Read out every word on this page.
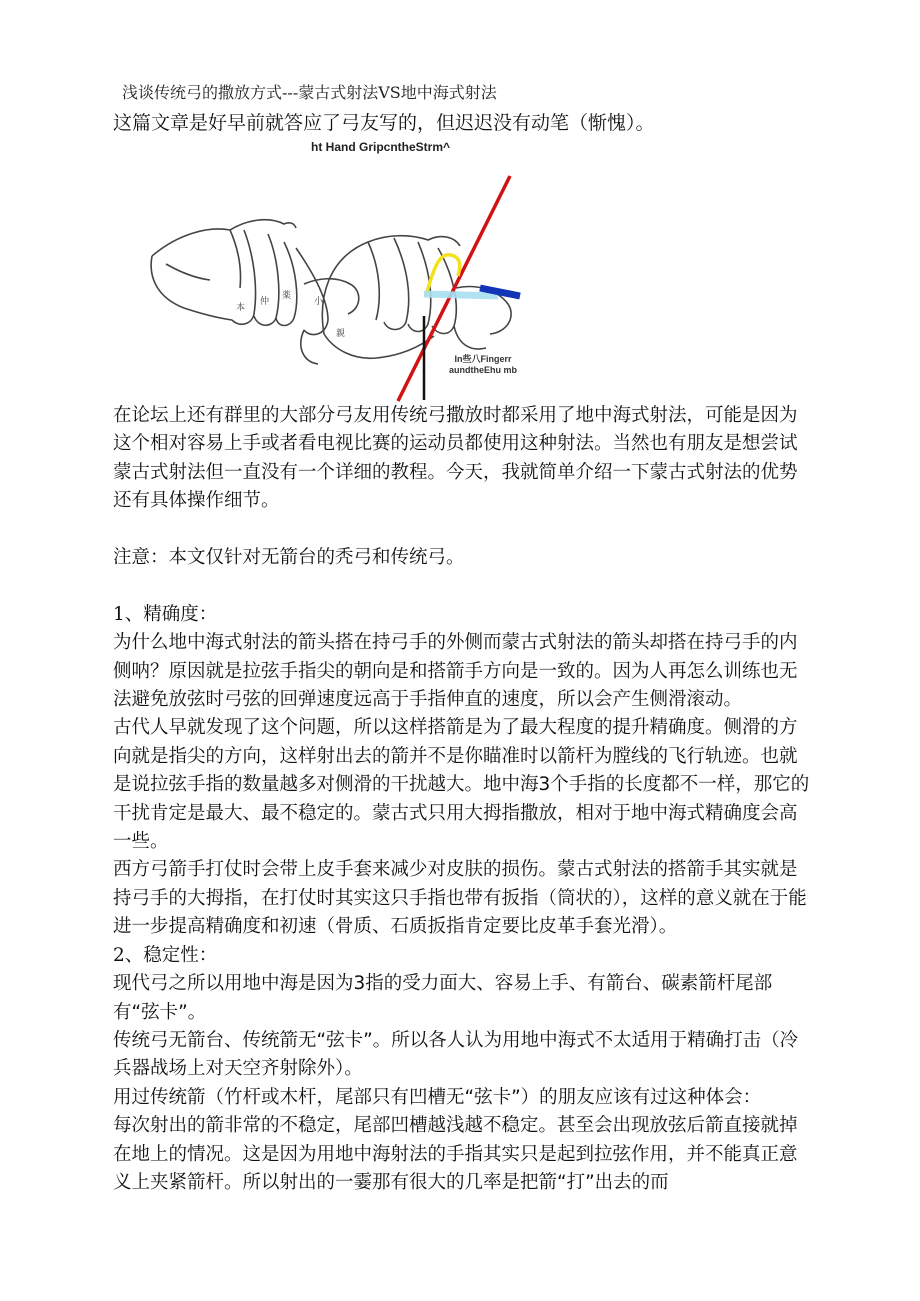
浅谈传统弓的撒放方式---蒙古式射法VS地中海式射法
这篇文章是好早前就答应了弓友写的，但迟迟没有动笔（惭愧）。
ht Hand GripcntheStrm^
本
仲
薬
小
親
In些八Fingerr aundtheEhu mb

在论坛上还有群里的大部分弓友用传统弓撒放时都采用了地中海式射法，可能是因为这个相对容易上手或者看电视比赛的运动员都使用这种射法。当然也有朋友是想尝试蒙古式射法但一直没有一个详细的教程。今天，我就简单介绍一下蒙古式射法的优势还有具体操作细节。

注意：本文仅针对无箭台的秃弓和传统弓。

1、精确度：

为什么地中海式射法的箭头搭在持弓手的外侧而蒙古式射法的箭头却搭在持弓手的内侧呐？原因就是拉弦手指尖的朝向是和搭箭手方向是一致的。因为人再怎么训练也无法避免放弦时弓弦的回弹速度远高于手指伸直的速度，所以会产生侧滑滚动。

古代人早就发现了这个问题，所以这样搭箭是为了最大程度的提升精确度。侧滑的方向就是指尖的方向，这样射出去的箭并不是你瞄准时以箭杆为膛线的飞行轨迹。也就是说拉弦手指的数量越多对侧滑的干扰越大。地中海3个手指的长度都不一样，那它的干扰肯定是最大、最不稳定的。蒙古式只用大拇指撒放，相对于地中海式精确度会高一些。

西方弓箭手打仗时会带上皮手套来减少对皮肤的损伤。蒙古式射法的搭箭手其实就是持弓手的大拇指，在打仗时其实这只手指也带有扳指（筒状的），这样的意义就在于能进一步提高精确度和初速（骨质、石质扳指肯定要比皮革手套光滑）。

2、稳定性：

现代弓之所以用地中海是因为3指的受力面大、容易上手、有箭台、碳素箭杆尾部有“弦卡”。

传统弓无箭台、传统箭无“弦卡”。所以各人认为用地中海式不太适用于精确打击（冷兵器战场上对天空齐射除外）。

用过传统箭（竹杆或木杆，尾部只有凹槽无“弦卡”）的朋友应该有过这种体会：

每次射出的箭非常的不稳定，尾部凹槽越浅越不稳定。甚至会出现放弦后箭直接就掉在地上的情况。这是因为用地中海射法的手指其实只是起到拉弦作用，并不能真正意义上夹紧箭杆。所以射出的一霎那有很大的几率是把箭“打”出去的而
